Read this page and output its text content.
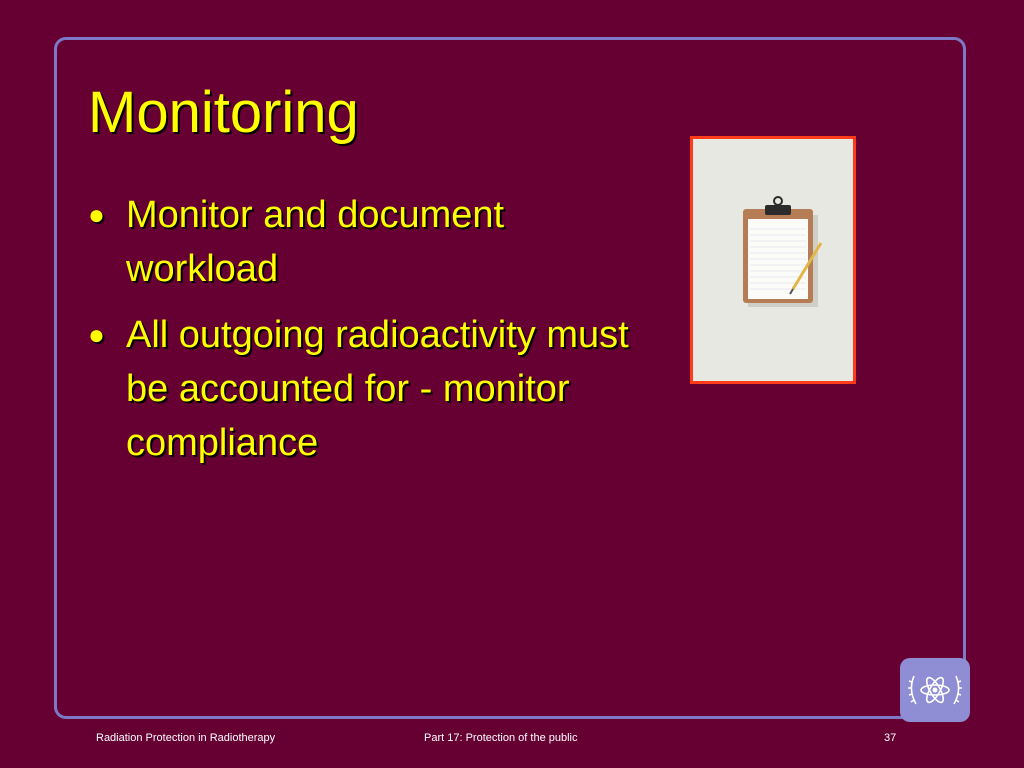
Monitoring
● Monitor and document workload
● All outgoing radioactivity must be accounted for - monitor compliance
Radiation Protection in Radiotherapy	Part 17: Protection of the public	37
